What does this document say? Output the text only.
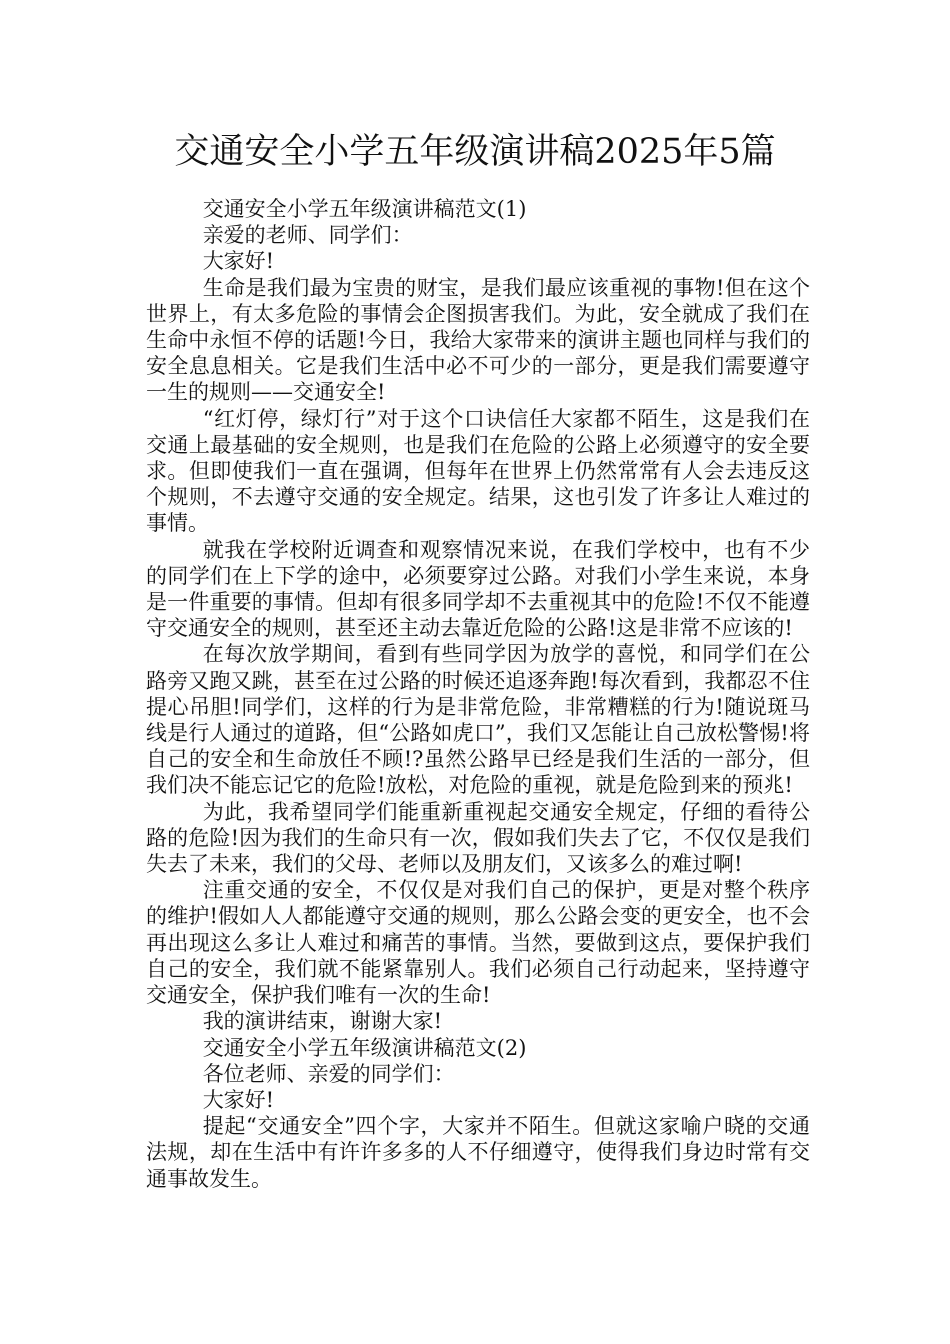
交通安全小学五年级演讲稿2025年5篇

交通安全小学五年级演讲稿范文(1)

亲爱的老师、同学们：

大家好!

生命是我们最为宝贵的财宝，是我们最应该重视的事物!但在这个世界上，有太多危险的事情会企图损害我们。为此，安全就成了我们在生命中永恒不停的话题!今日，我给大家带来的演讲主题也同样与我们的安全息息相关。它是我们生活中必不可少的一部分，更是我们需要遵守一生的规则——交通安全!

“红灯停，绿灯行”对于这个口诀信任大家都不陌生，这是我们在交通上最基础的安全规则，也是我们在危险的公路上必须遵守的安全要求。但即使我们一直在强调，但每年在世界上仍然常常有人会去违反这个规则，不去遵守交通的安全规定。结果，这也引发了许多让人难过的事情。

就我在学校附近调查和观察情况来说，在我们学校中，也有不少的同学们在上下学的途中，必须要穿过公路。对我们小学生来说，本身是一件重要的事情。但却有很多同学却不去重视其中的危险!不仅不能遵守交通安全的规则，甚至还主动去靠近危险的公路!这是非常不应该的!

在每次放学期间，看到有些同学因为放学的喜悦，和同学们在公路旁又跑又跳，甚至在过公路的时候还追逐奔跑!每次看到，我都忍不住提心吊胆!同学们，这样的行为是非常危险，非常糟糕的行为!随说斑马线是行人通过的道路，但“公路如虎口”，我们又怎能让自己放松警惕!将自己的安全和生命放任不顾!?虽然公路早已经是我们生活的一部分，但我们决不能忘记它的危险!放松，对危险的重视，就是危险到来的预兆!

为此，我希望同学们能重新重视起交通安全规定，仔细的看待公路的危险!因为我们的生命只有一次，假如我们失去了它，不仅仅是我们失去了未来，我们的父母、老师以及朋友们，又该多么的难过啊!

注重交通的安全，不仅仅是对我们自己的保护，更是对整个秩序的维护!假如人人都能遵守交通的规则，那么公路会变的更安全，也不会再出现这么多让人难过和痛苦的事情。当然，要做到这点，要保护我们自己的安全，我们就不能紧靠别人。我们必须自己行动起来，坚持遵守交通安全，保护我们唯有一次的生命!

我的演讲结束，谢谢大家!

交通安全小学五年级演讲稿范文(2)

各位老师、亲爱的同学们：

大家好!

提起“交通安全”四个字，大家并不陌生。但就这家喻户晓的交通法规，却在生活中有许许多多的人不仔细遵守，使得我们身边时常有交通事故发生。
